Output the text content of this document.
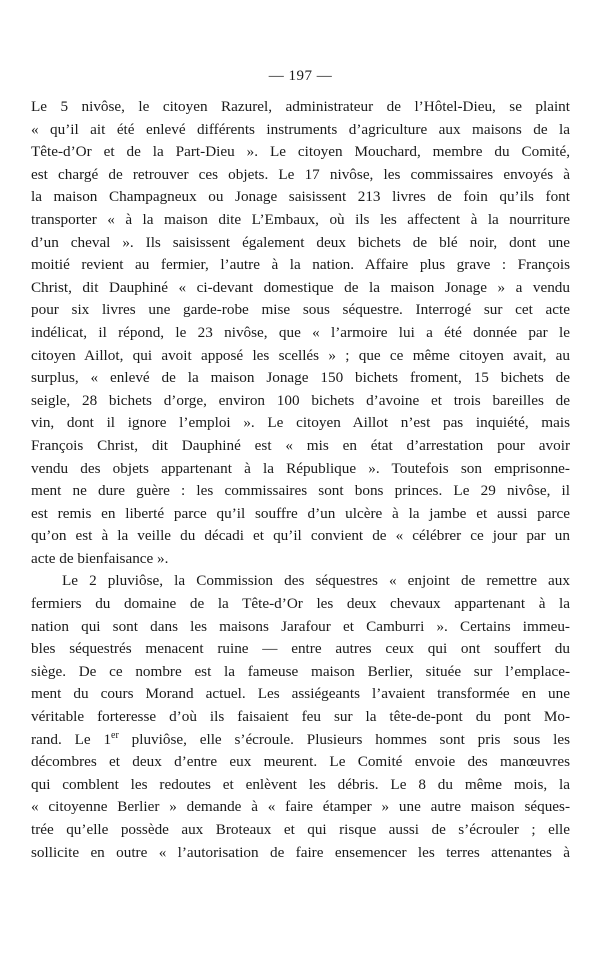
— 197 —

Le 5 nivôse, le citoyen Razurel, administrateur de l’Hôtel-Dieu, se plaint
« qu’il ait été enlevé différents instruments d’agriculture aux maisons de la
Tête-d’Or et de la Part-Dieu ». Le citoyen Mouchard, membre du Comité,
est chargé de retrouver ces objets. Le 17 nivôse, les commissaires envoyés à
la maison Champagneux ou Jonage saisissent 213 livres de foin qu’ils font
transporter « à la maison dite L’Embaux, où ils les affectent à la nourriture
d’un cheval ». Ils saisissent également deux bichets de blé noir, dont une
moitié revient au fermier, l’autre à la nation. Affaire plus grave : François
Christ, dit Dauphiné « ci-devant domestique de la maison Jonage » a vendu
pour six livres une garde-robe mise sous séquestre. Interrogé sur cet acte
indélicat, il répond, le 23 nivôse, que « l’armoire lui a été donnée par le
citoyen Aillot, qui avoit apposé les scellés » ; que ce même citoyen avait, au
surplus, « enlevé de la maison Jonage 150 bichets froment, 15 bichets de
seigle, 28 bichets d’orge, environ 100 bichets d’avoine et trois bareilles de
vin, dont il ignore l’emploi ». Le citoyen Aillot n’est pas inquiété, mais
François Christ, dit Dauphiné est « mis en état d’arrestation pour avoir
vendu des objets appartenant à la République ». Toutefois son emprisonne-
ment ne dure guère : les commissaires sont bons princes. Le 29 nivôse, il
est remis en liberté parce qu’il souffre d’un ulcère à la jambe et aussi parce
qu’on est à la veille du décadi et qu’il convient de « célébrer ce jour par un
acte de bienfaisance ».

Le 2 pluviôse, la Commission des séquestres « enjoint de remettre aux
fermiers du domaine de la Tête-d’Or les deux chevaux appartenant à la
nation qui sont dans les maisons Jarafour et Camburri ». Certains immeu-
bles séquestrés menacent ruine — entre autres ceux qui ont souffert du
siège. De ce nombre est la fameuse maison Berlier, située sur l’emplace-
ment du cours Morand actuel. Les assiégeants l’avaient transformée en une
véritable forteresse d’où ils faisaient feu sur la tête-de-pont du pont Mo-
rand. Le 1er pluviôse, elle s’écroule. Plusieurs hommes sont pris sous les
décombres et deux d’entre eux meurent. Le Comité envoie des manœuvres
qui comblent les redoutes et enlèvent les débris. Le 8 du même mois, la
« citoyenne Berlier » demande à « faire étamper » une autre maison séques-
trée qu’elle possède aux Broteaux et qui risque aussi de s’écrouler ; elle
sollicite en outre « l’autorisation de faire ensemencer les terres attenantes à
